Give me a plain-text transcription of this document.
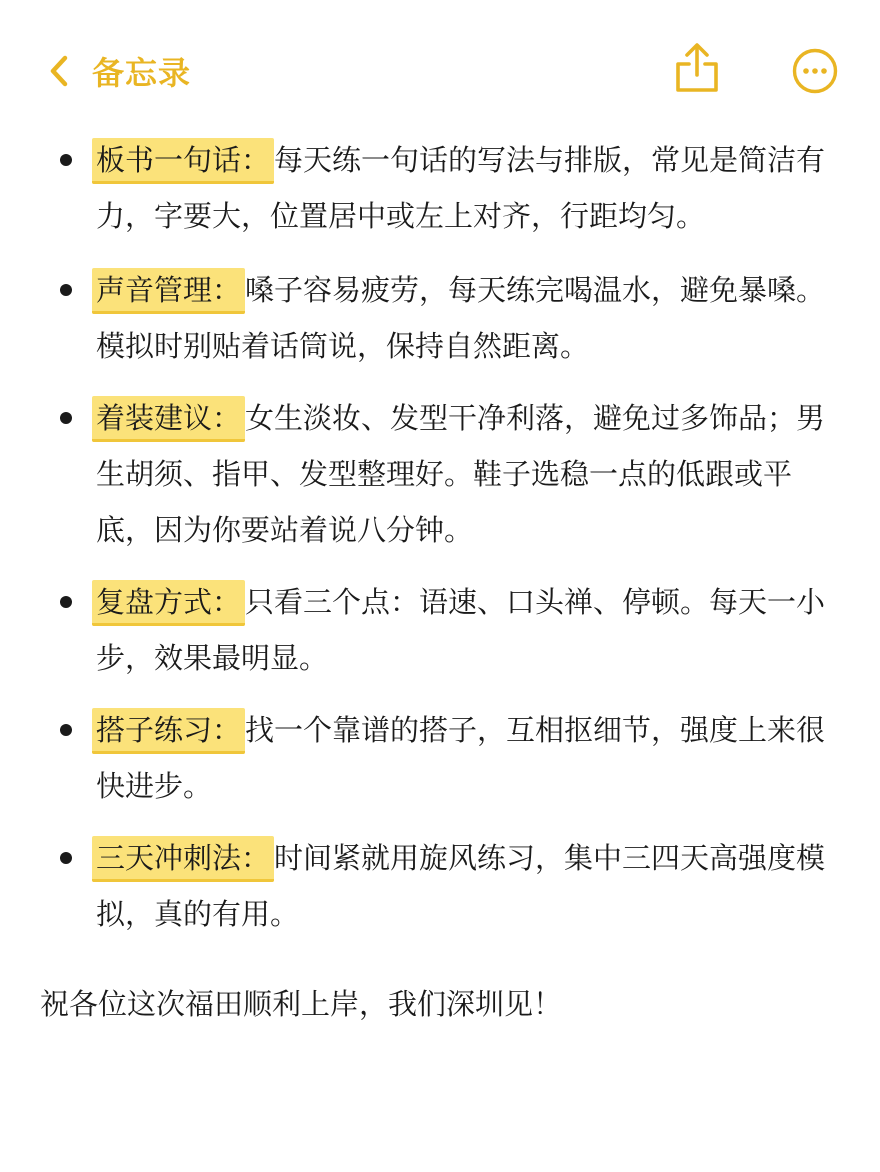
备忘录
板书一句话： 每天练一句话的写法与排版，常见是简洁有力，字要大，位置居中或左上对齐，行距均匀。
声音管理： 嗓子容易疲劳，每天练完喝温水，避免暴嗓。模拟时别贴着话筒说，保持自然距离。
着装建议： 女生淡妆、发型干净利落，避免过多饰品；男生胡须、指甲、发型整理好。鞋子选稳一点的低跟或平底，因为你要站着说八分钟。
复盘方式： 只看三个点：语速、口头禅、停顿。每天一小步，效果最明显。
搭子练习： 找一个靠谱的搭子，互相抠细节，强度上来很快进步。
三天冲刺法： 时间紧就用旋风练习，集中三四天高强度模拟，真的有用。
祝各位这次福田顺利上岸，我们深圳见！
